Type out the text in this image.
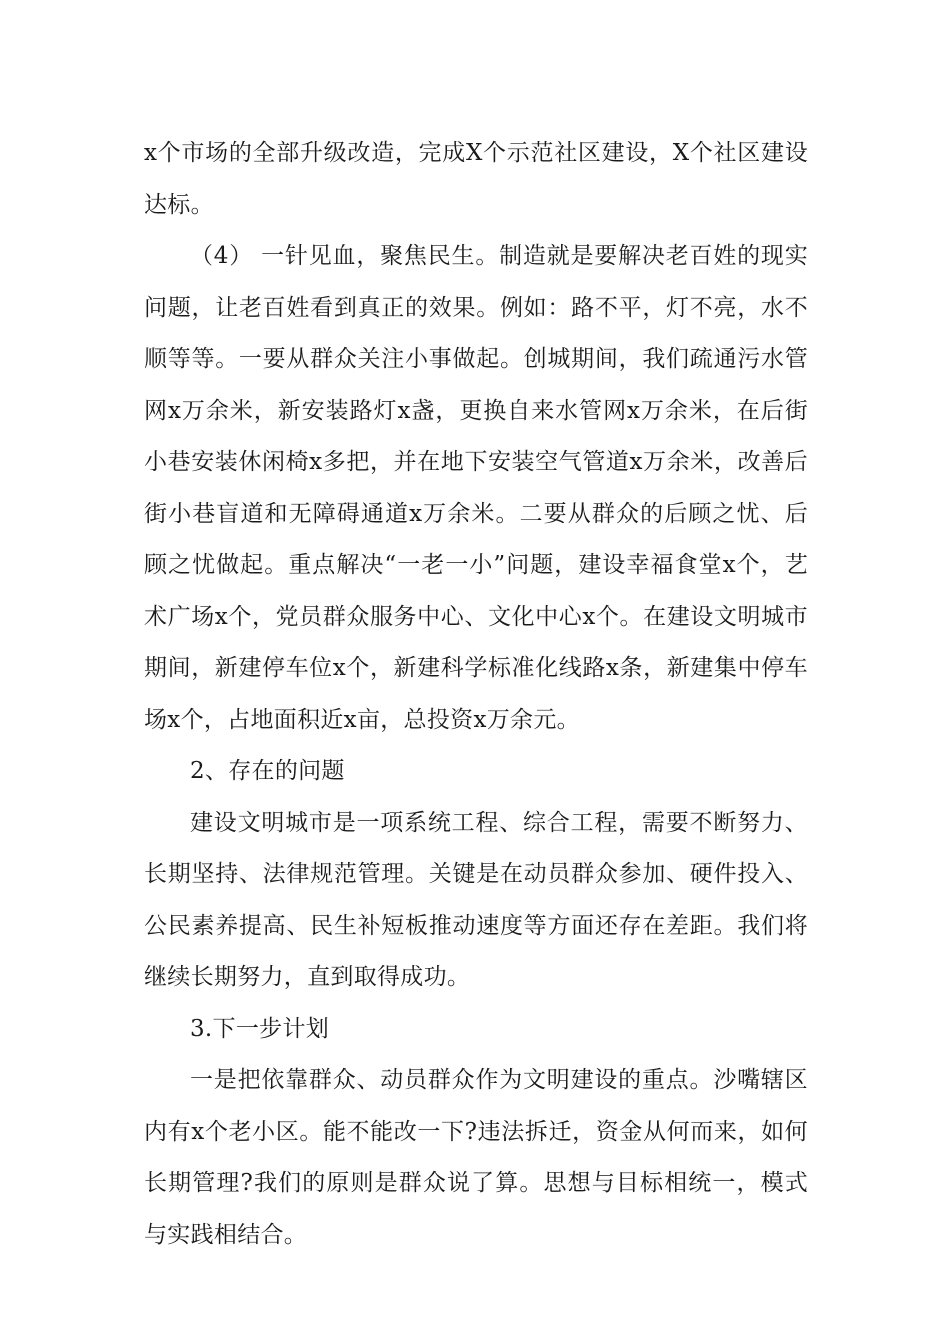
x个市场的全部升级改造，完成X个示范社区建设，X个社区建设达标。

（4） 一针见血，聚焦民生。制造就是要解决老百姓的现实问题，让老百姓看到真正的效果。例如：路不平，灯不亮，水不顺等等。一要从群众关注小事做起。创城期间，我们疏通污水管网x万余米，新安装路灯x盏，更换自来水管网x万余米，在后街小巷安装休闲椅x多把，并在地下安装空气管道x万余米，改善后街小巷盲道和无障碍通道x万余米。二要从群众的后顾之忧、后顾之忧做起。重点解决“一老一小”问题，建设幸福食堂x个，艺术广场x个，党员群众服务中心、文化中心x个。在建设文明城市期间，新建停车位x个，新建科学标准化线路x条，新建集中停车场x个，占地面积近x亩，总投资x万余元。

2、存在的问题

建设文明城市是一项系统工程、综合工程，需要不断努力、长期坚持、法律规范管理。关键是在动员群众参加、硬件投入、公民素养提高、民生补短板推动速度等方面还存在差距。我们将继续长期努力，直到取得成功。

3.下一步计划

一是把依靠群众、动员群众作为文明建设的重点。沙嘴辖区内有x个老小区。能不能改一下?违法拆迁，资金从何而来，如何长期管理?我们的原则是群众说了算。思想与目标相统一，模式与实践相结合。
